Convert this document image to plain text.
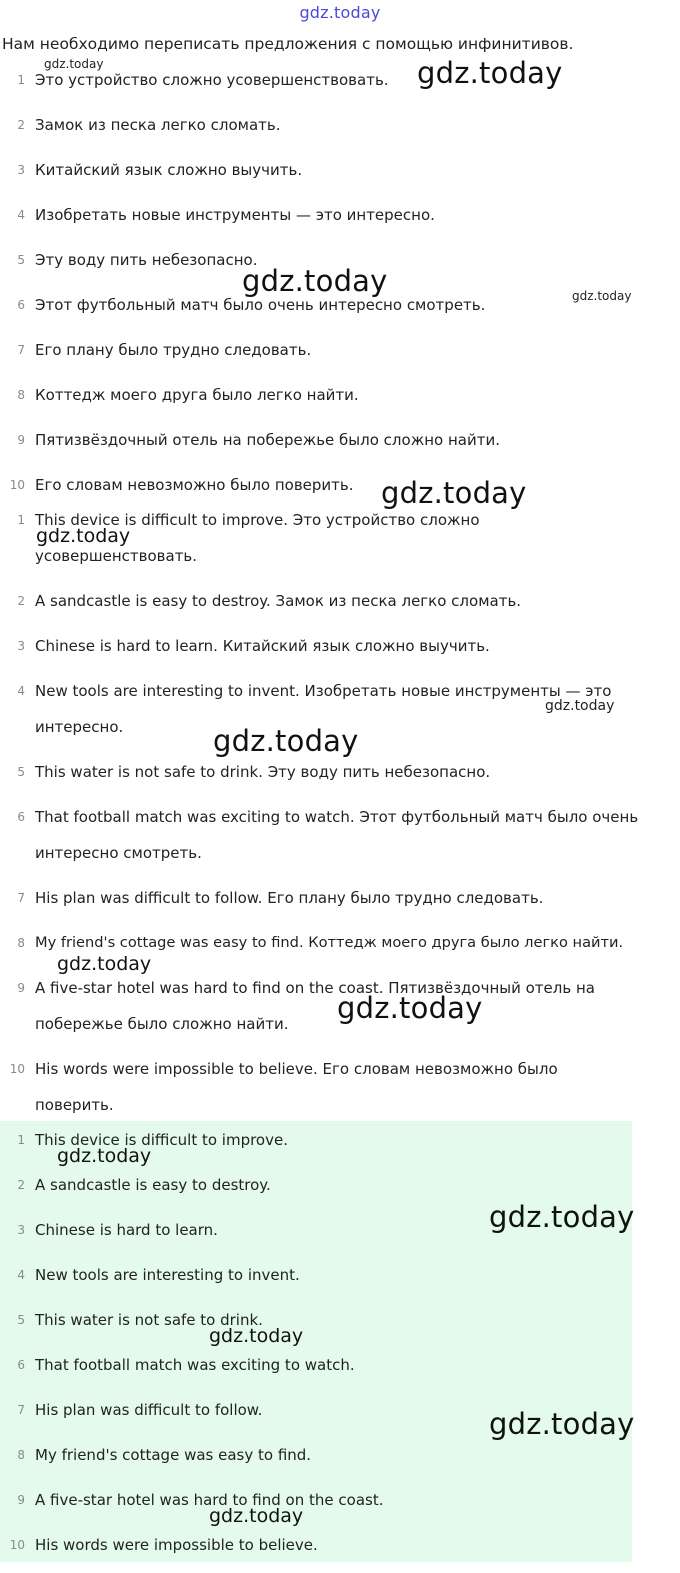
gdz.today
Нам необходимо переписать предложения с помощью инфинитивов.
1 Это устройство сложно усовершенствовать.
2 Замок из песка легко сломать.
3 Китайский язык сложно выучить.
4 Изобретать новые инструменты — это интересно.
5 Эту воду пить небезопасно.
6 Этот футбольный матч было очень интересно смотреть.
7 Его плану было трудно следовать.
8 Коттедж моего друга было легко найти.
9 Пятизвёздочный отель на побережье было сложно найти.
10 Его словам невозможно было поверить.
1 This device is difficult to improve. Это устройство сложно усовершенствовать.
2 A sandcastle is easy to destroy. Замок из песка легко сломать.
3 Chinese is hard to learn. Китайский язык сложно выучить.
4 New tools are interesting to invent. Изобретать новые инструменты — это интересно.
5 This water is not safe to drink. Эту воду пить небезопасно.
6 That football match was exciting to watch. Этот футбольный матч было очень интересно смотреть.
7 His plan was difficult to follow. Его плану было трудно следовать.
8 My friend's cottage was easy to find. Коттедж моего друга было легко найти.
9 A five-star hotel was hard to find on the coast. Пятизвёздочный отель на побережье было сложно найти.
10 His words were impossible to believe. Его словам невозможно было поверить.
1 This device is difficult to improve.
2 A sandcastle is easy to destroy.
3 Chinese is hard to learn.
4 New tools are interesting to invent.
5 This water is not safe to drink.
6 That football match was exciting to watch.
7 His plan was difficult to follow.
8 My friend's cottage was easy to find.
9 A five-star hotel was hard to find on the coast.
10 His words were impossible to believe.
gdz.today	gdz.today
gdz.today	gdz.today
gdz.today
gdz.today
gdz.today
gdz.today
gdz.today
gdz.today
gdz.today
gdz.today
gdz.today
gdz.today
gdz.today
